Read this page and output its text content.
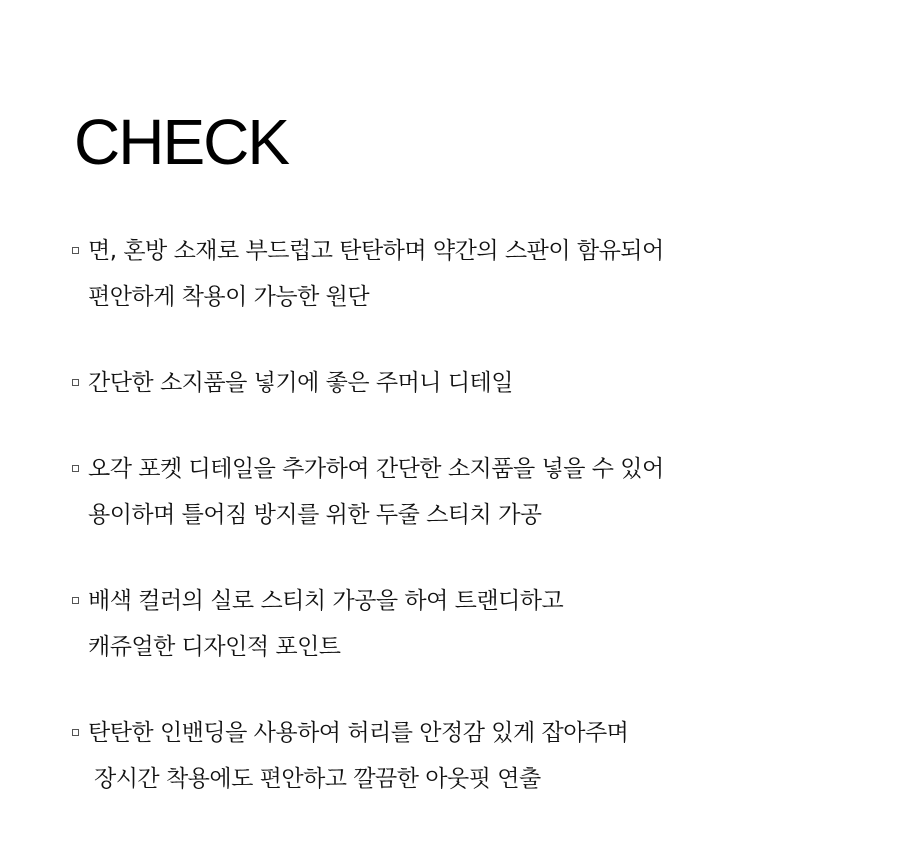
CHECK
면, 혼방 소재로 부드럽고 탄탄하며 약간의 스판이 함유되어
편안하게 착용이 가능한 원단
간단한 소지품을 넣기에 좋은 주머니 디테일
오각 포켓 디테일을 추가하여 간단한 소지품을 넣을 수 있어
용이하며 틀어짐 방지를 위한 두줄 스티치 가공
배색 컬러의 실로 스티치 가공을 하여 트랜디하고
캐쥬얼한 디자인적 포인트
탄탄한 인밴딩을 사용하여 허리를 안정감 있게 잡아주며
장시간 착용에도 편안하고 깔끔한 아웃핏 연출
